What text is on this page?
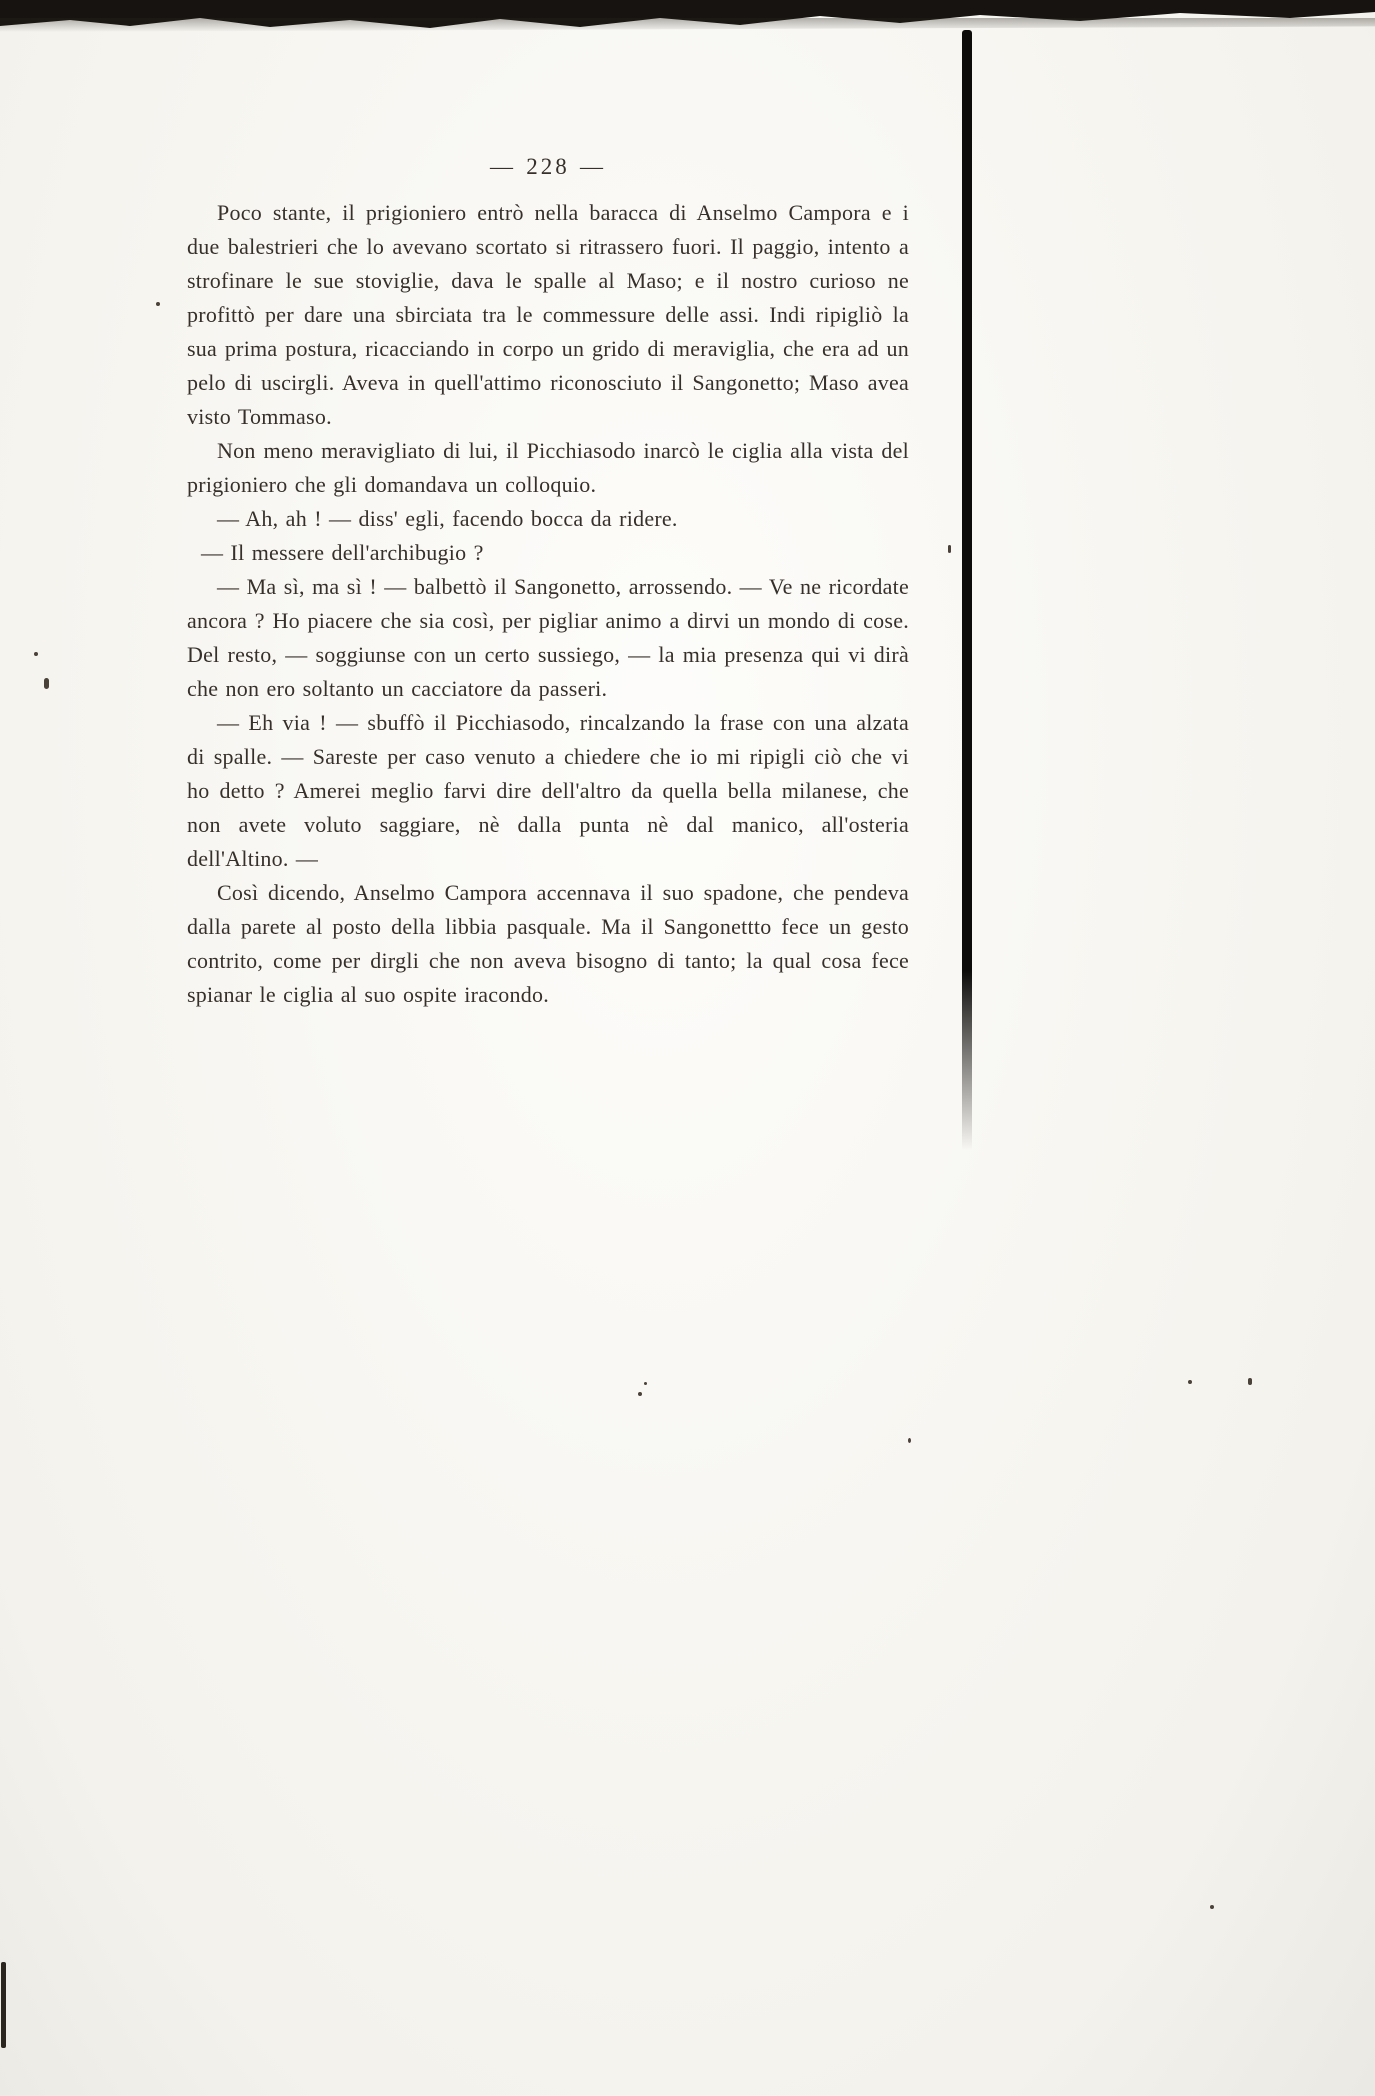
— 228 —

Poco stante, il prigioniero entrò nella baracca di Anselmo Campora e i due balestrieri che lo avevano scortato si ritrassero fuori. Il paggio, intento a strofinare le sue stoviglie, dava le spalle al Maso; e il nostro curioso ne profittò per dare una sbirciata tra le commessure delle assi. Indi ripigliò la sua prima postura, ricacciando in corpo un grido di meraviglia, che era ad un pelo di uscirgli. Aveva in quell'attimo riconosciuto il Sangonetto; Maso avea visto Tommaso.

Non meno meravigliato di lui, il Picchiasodo inarcò le ciglia alla vista del prigioniero che gli domandava un colloquio.

— Ah, ah ! — diss' egli, facendo bocca da ridere.

— Il messere dell'archibugio ?

— Ma sì, ma sì ! — balbettò il Sangonetto, arrossendo. — Ve ne ricordate ancora ? Ho piacere che sia così, per pigliar animo a dirvi un mondo di cose. Del resto, — soggiunse con un certo sussiego, — la mia presenza qui vi dirà che non ero soltanto un cacciatore da passeri.

— Eh via ! — sbuffò il Picchiasodo, rincalzando la frase con una alzata di spalle. — Sareste per caso venuto a chiedere che io mi ripigli ciò che vi ho detto ? Amerei meglio farvi dire dell'altro da quella bella milanese, che non avete voluto saggiare, nè dalla punta nè dal manico, all'osteria dell'Altino. —

Così dicendo, Anselmo Campora accennava il suo spadone, che pendeva dalla parete al posto della libbia pasquale. Ma il Sangonettto fece un gesto contrito, come per dirgli che non aveva bisogno di tanto; la qual cosa fece spianar le ciglia al suo ospite iracondo.
